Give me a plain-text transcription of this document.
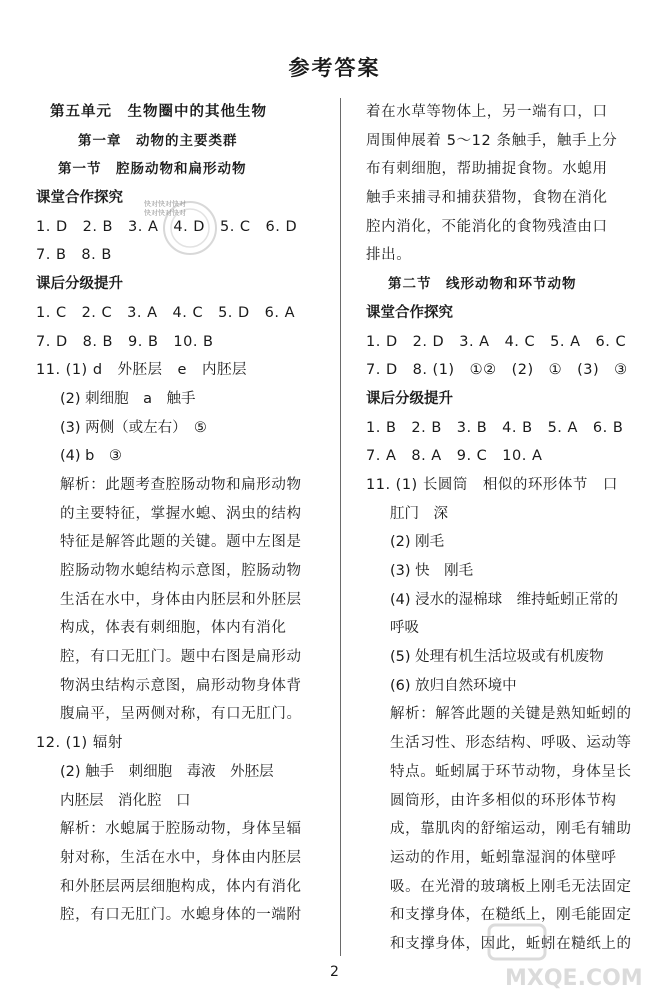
参考答案
第五单元　生物圈中的其他生物
第一章　动物的主要类群
第一节　腔肠动物和扁形动物
课堂合作探究
1. D　2. B　3. A　4. D　5. C　6. D
7. B　8. B
课后分级提升
1. C　2. C　3. A　4. C　5. D　6. A
7. D　8. B　9. B　10. B
11. (1) d　外胚层　e　内胚层
(2) 刺细胞　a　触手
(3) 两侧（或左右）　⑤
(4) b　③
解析：此题考查腔肠动物和扁形动物
的主要特征，掌握水螅、涡虫的结构
特征是解答此题的关键。题中左图是
腔肠动物水螅结构示意图，腔肠动物
生活在水中，身体由内胚层和外胚层
构成，体表有刺细胞，体内有消化
腔，有口无肛门。题中右图是扁形动
物涡虫结构示意图，扁形动物身体背
腹扁平，呈两侧对称，有口无肛门。
12. (1) 辐射
(2) 触手　刺细胞　毒液　外胚层
内胚层　消化腔　口
解析：水螅属于腔肠动物，身体呈辐
射对称，生活在水中，身体由内胚层
和外胚层两层细胞构成，体内有消化
腔，有口无肛门。水螅身体的一端附
着在水草等物体上，另一端有口，口
周围伸展着 5～12 条触手，触手上分
布有刺细胞，帮助捕捉食物。水螅用
触手来捕寻和捕获猎物，食物在消化
腔内消化，不能消化的食物残渣由口
排出。
第二节　线形动物和环节动物
课堂合作探究
1. D　2. D　3. A　4. C　5. A　6. C
7. D　8. (1)　①②　(2)　①　(3)　③
课后分级提升
1. B　2. B　3. B　4. B　5. A　6. B
7. A　8. A　9. C　10. A
11. (1) 长圆筒　相似的环形体节　口
肛门　深
(2) 刚毛
(3) 快　刚毛
(4) 浸水的湿棉球　维持蚯蚓正常的
呼吸
(5) 处理有机生活垃圾或有机废物
(6) 放归自然环境中
解析：解答此题的关键是熟知蚯蚓的
生活习性、形态结构、呼吸、运动等
特点。蚯蚓属于环节动物，身体呈长
圆筒形，由许多相似的环形体节构
成，靠肌肉的舒缩运动，刚毛有辅助
运动的作用，蚯蚓靠湿润的体壁呼
吸。在光滑的玻璃板上刚毛无法固定
和支撑身体，在糙纸上，刚毛能固定
和支撑身体，因此，蚯蚓在糙纸上的
快对快对快对 快对快对快对
MXQE.COM
2
